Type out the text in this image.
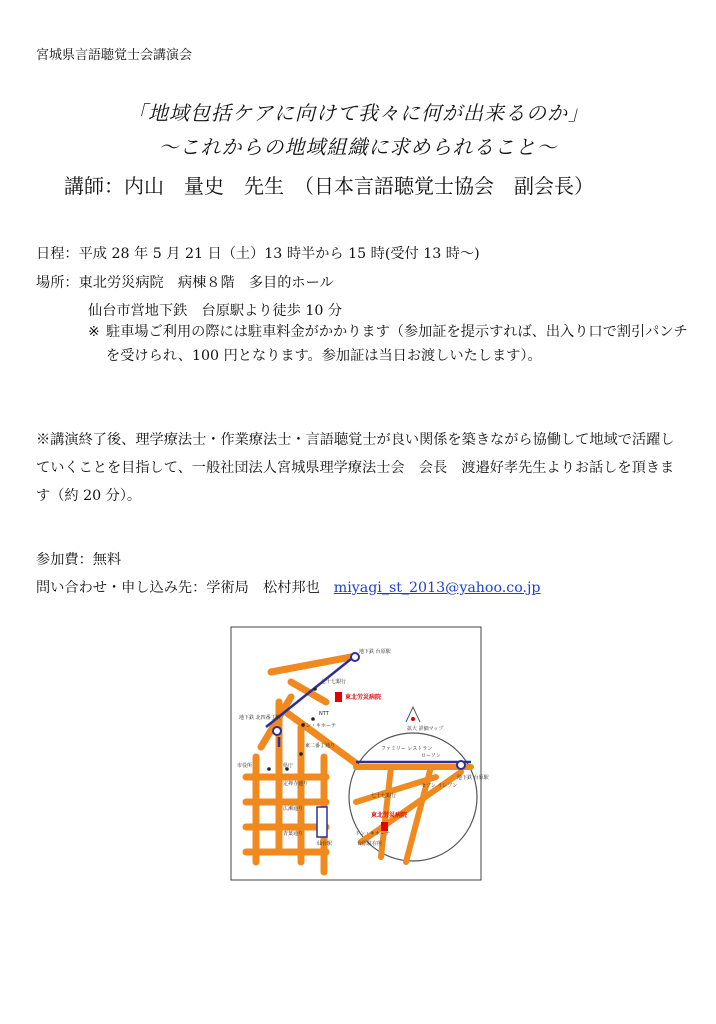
宮城県言語聴覚士会講演会
「地域包括ケアに向けて我々に何が出来るのか」
～これからの地域組織に求められること～
講師：内山　量史　先生　（日本言語聴覚士協会　副会長）
日程：平成 28 年 5 月 21 日（土）13 時半から 15 時(受付 13 時～)
場所：東北労災病院　病棟８階　多目的ホール
仙台市営地下鉄　台原駅より徒歩 10 分
※ 駐車場ご利用の際には駐車料金がかかります（参加証を提示すれば、出入り口で割引パンチを受けられ、100 円となります。参加証は当日お渡しいたします）。
※講演終了後、理学療法士・作業療法士・言語聴覚士が良い関係を築きながら協働して地域で活躍していくことを目指して、一般社団法人宮城県理学療法士会　会長　渡邉好孝先生よりお話しを頂きます（約 20 分）。
参加費：無料
問い合わせ・申し込み先：学術局　松村邦也 miyagi_st_2013@yahoo.co.jp
地下鉄 台原駅
七十七銀行
東北労災病院
NTT
ドン・キホーテ
地下鉄 北四番丁駅
仙台駅
市役所	県庁
定禅寺通り
広瀬通り
青葉通り
東二番丁通り
拡大 詳細マップ
ファミリー レストラン
ローソン
セブン イレブン
地下鉄 台原駅
七十七銀行
東北労災病院
ドン・キホーテ
台原駐在所
